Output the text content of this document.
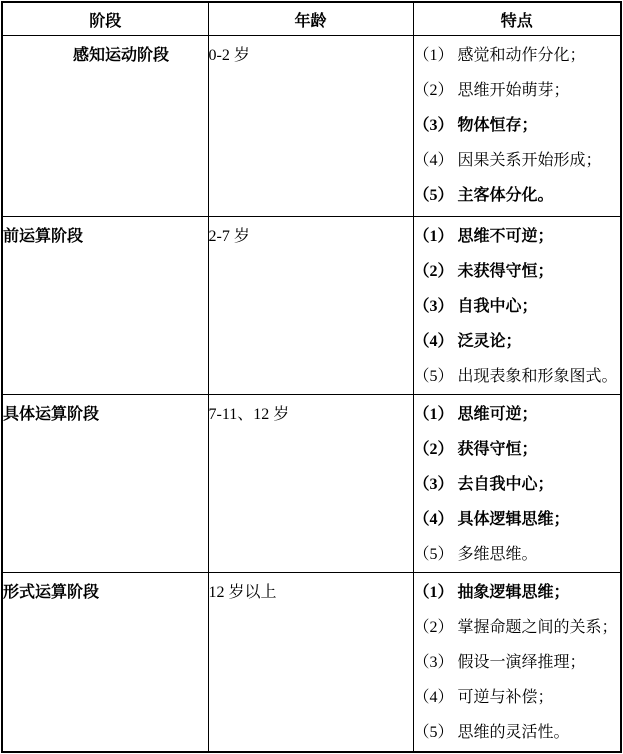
阶段	年龄	特点
感知运动阶段	0-2 岁	（1） 感觉和动作分化；
（2） 思维开始萌芽；
（3） 物体恒存；
（4） 因果关系开始形成；
（5） 主客体分化。

前运算阶段	2-7 岁	（1） 思维不可逆；
（2） 未获得守恒；
（3） 自我中心；
（4） 泛灵论；
（5） 出现表象和形象图式。

具体运算阶段	7-11、12 岁	（1） 思维可逆；
（2） 获得守恒；
（3） 去自我中心；
（4） 具体逻辑思维；
（5） 多维思维。

形式运算阶段	12 岁以上	（1） 抽象逻辑思维；
（2） 掌握命题之间的关系；
（3） 假设一演绎推理；
（4） 可逆与补偿；
（5） 思维的灵活性。
